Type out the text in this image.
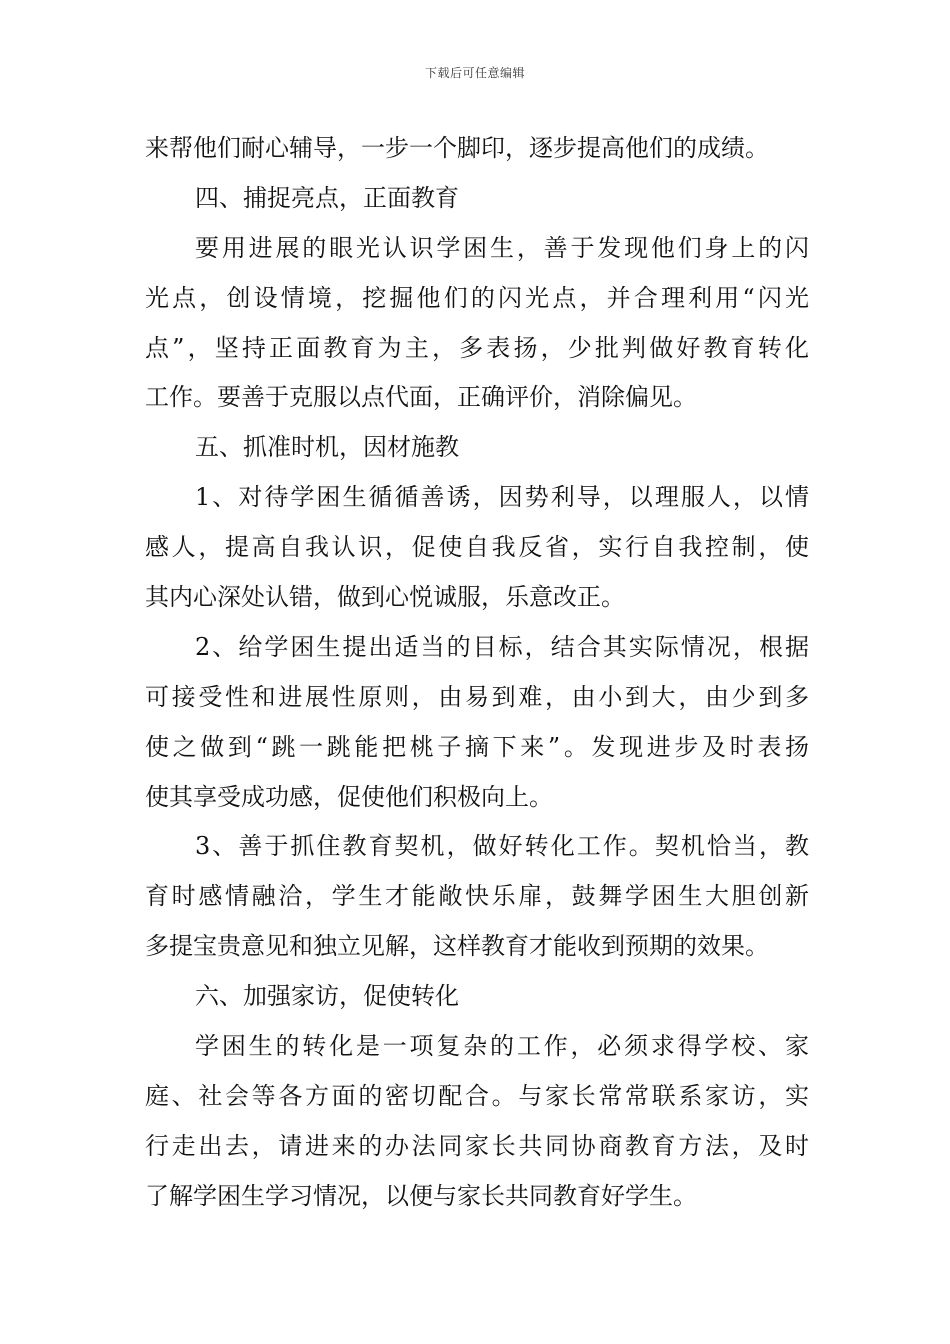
下载后可任意编辑
来帮他们耐心辅导，一步一个脚印，逐步提高他们的成绩。
四、捕捉亮点，正面教育
要用进展的眼光认识学困生，善于发现他们身上的闪
光点，创设情境，挖掘他们的闪光点，并合理利用“闪光
点”，坚持正面教育为主，多表扬，少批判做好教育转化
工作。要善于克服以点代面，正确评价，消除偏见。
五、抓准时机，因材施教
1、对待学困生循循善诱，因势利导，以理服人，以情
感人，提高自我认识，促使自我反省，实行自我控制，使
其内心深处认错，做到心悦诚服，乐意改正。
2、给学困生提出适当的目标，结合其实际情况，根据
可接受性和进展性原则，由易到难，由小到大，由少到多
使之做到“跳一跳能把桃子摘下来”。发现进步及时表扬
使其享受成功感，促使他们积极向上。
3、善于抓住教育契机，做好转化工作。契机恰当，教
育时感情融洽，学生才能敞快乐扉，鼓舞学困生大胆创新
多提宝贵意见和独立见解，这样教育才能收到预期的效果。
六、加强家访，促使转化
学困生的转化是一项复杂的工作，必须求得学校、家
庭、社会等各方面的密切配合。与家长常常联系家访，实
行走出去，请进来的办法同家长共同协商教育方法，及时
了解学困生学习情况，以便与家长共同教育好学生。
